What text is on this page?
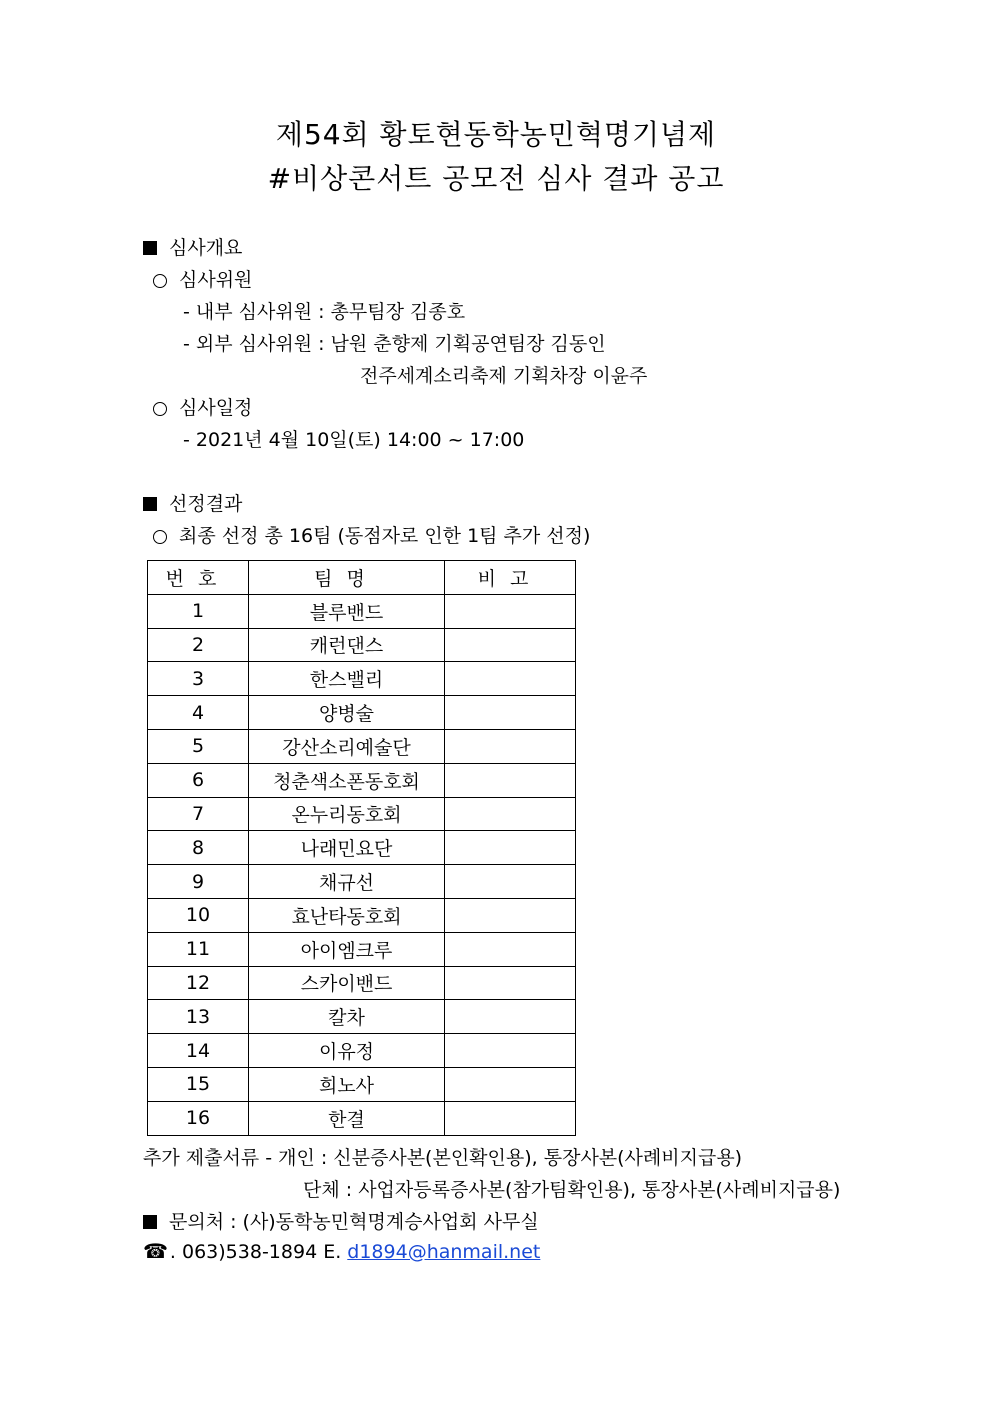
제54회 황토현동학농민혁명기념제
#비상콘서트 공모전 심사 결과 공고
심사개요
심사위원
- 내부 심사위원 : 총무팀장 김종호
- 외부 심사위원 : 남원 춘향제 기획공연팀장 김동인
전주세계소리축제 기획차장 이윤주
심사일정
- 2021년 4월 10일(토) 14:00 ~ 17:00
선정결과
최종 선정 총 16팀 (동점자로 인한 1팀 추가 선정)
번호	팀명	비고
1	블루밴드	
2	캐런댄스	
3	한스밸리	
4	양병술	
5	강산소리예술단	
6	청춘색소폰동호회	
7	온누리동호회	
8	나래민요단	
9	채규선	
10	효난타동호회	
11	아이엠크루	
12	스카이밴드	
13	칼차	
14	이유정	
15	희노사	
16	한결	
추가 제출서류 - 개인 : 신분증사본(본인확인용), 통장사본(사례비지급용)
단체 : 사업자등록증사본(참가팀확인용), 통장사본(사례비지급용)
문의처 : (사)동학농민혁명계승사업회 사무실
☎ . 063)538-1894 E. d1894@hanmail.net
